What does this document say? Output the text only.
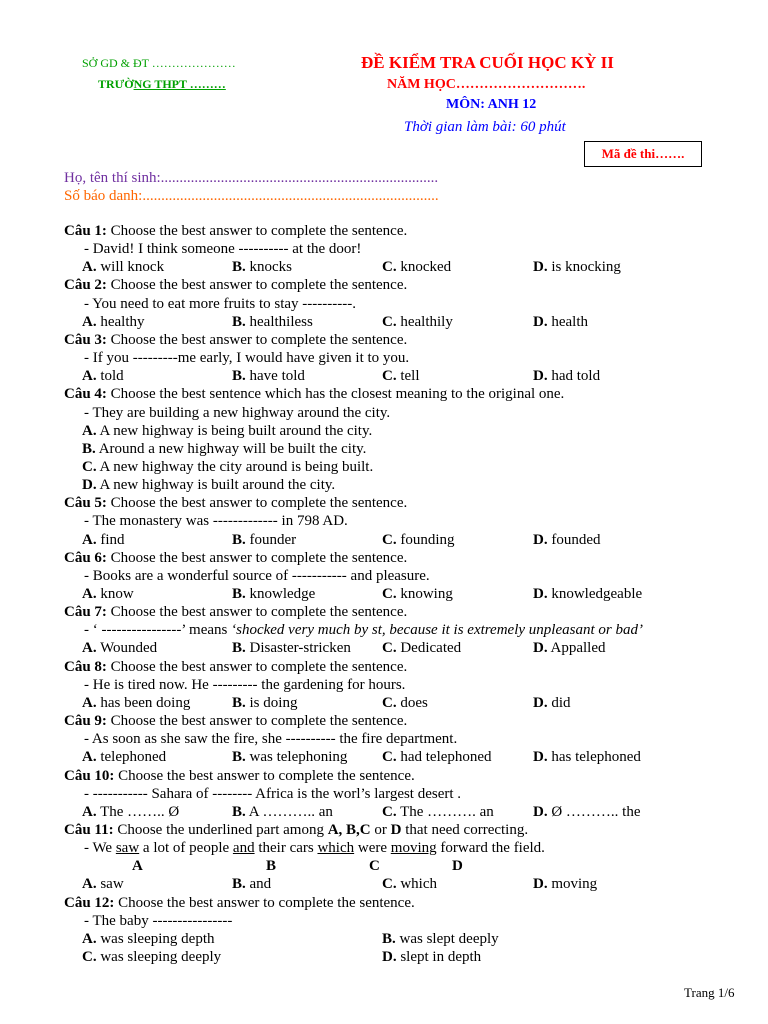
SỞ GD & ĐT …………………
TRƯỜNG THPT ………
ĐỀ KIỂM TRA CUỐI HỌC KỲ II
NĂM HỌC……………………….
MÔN: ANH 12
Thời gian làm bài: 60 phút
Mã đề thi…….
Họ, tên thí sinh:..........................................................................
Số báo danh:...............................................................................
Câu 1: Choose the best answer to complete the sentence.
- David! I think someone ---------- at the door!
A. will knock	B. knocks	C. knocked	D. is knocking
Câu 2: Choose the best answer to complete the sentence.
- You need to eat more fruits to stay ----------.
A. healthy	B. healthiless	C. healthily	D. health
Câu 3: Choose the best answer to complete the sentence.
- If you ---------me early, I would have given it to you.
A. told	B. have told	C. tell	D. had told
Câu 4: Choose the best sentence which has the closest meaning to the original one.
- They are building a new highway around the city.
A. A new highway is being built around the city.
B. Around a new highway will be built the city.
C. A new highway the city around is being built.
D. A new highway is built around the city.
Câu 5: Choose the best answer to complete the sentence.
- The monastery was ------------- in 798 AD.
A. find	B. founder	C. founding	D. founded
Câu 6: Choose the best answer to complete the sentence.
- Books are a wonderful source of ----------- and pleasure.
A. know	B. knowledge	C. knowing	D. knowledgeable
Câu 7: Choose the best answer to complete the sentence.
- ‘ ----------------’ means ‘shocked very much by st, because it is extremely unpleasant or bad’
A. Wounded	B. Disaster-stricken C. Dedicated	D. Appalled
Câu 8: Choose the best answer to complete the sentence.
- He is tired now. He --------- the gardening for hours.
A. has been doing	B. is doing	C. does	D. did
Câu 9: Choose the best answer to complete the sentence.
- As soon as she saw the fire, she ---------- the fire department.
A. telephoned	B. was telephoning C. had telephoned	D. has telephoned
Câu 10: Choose the best answer to complete the sentence.
- ----------- Sahara of -------- Africa is the worl’s largest desert .
A. The …….. Ø	B. A ……….. an	C. The ………. an	D. Ø ……….. the
Câu 11: Choose the underlined part among A, B,C or D that need correcting.
- We saw a lot of people and their cars which were moving forward the field.
A	B	C	D
A. saw	B. and	C. which	D. moving
Câu 12: Choose the best answer to complete the sentence.
- The baby ----------------
A. was sleeping depth	B. was slept deeply
C. was sleeping deeply	D. slept in depth
Trang 1/6
